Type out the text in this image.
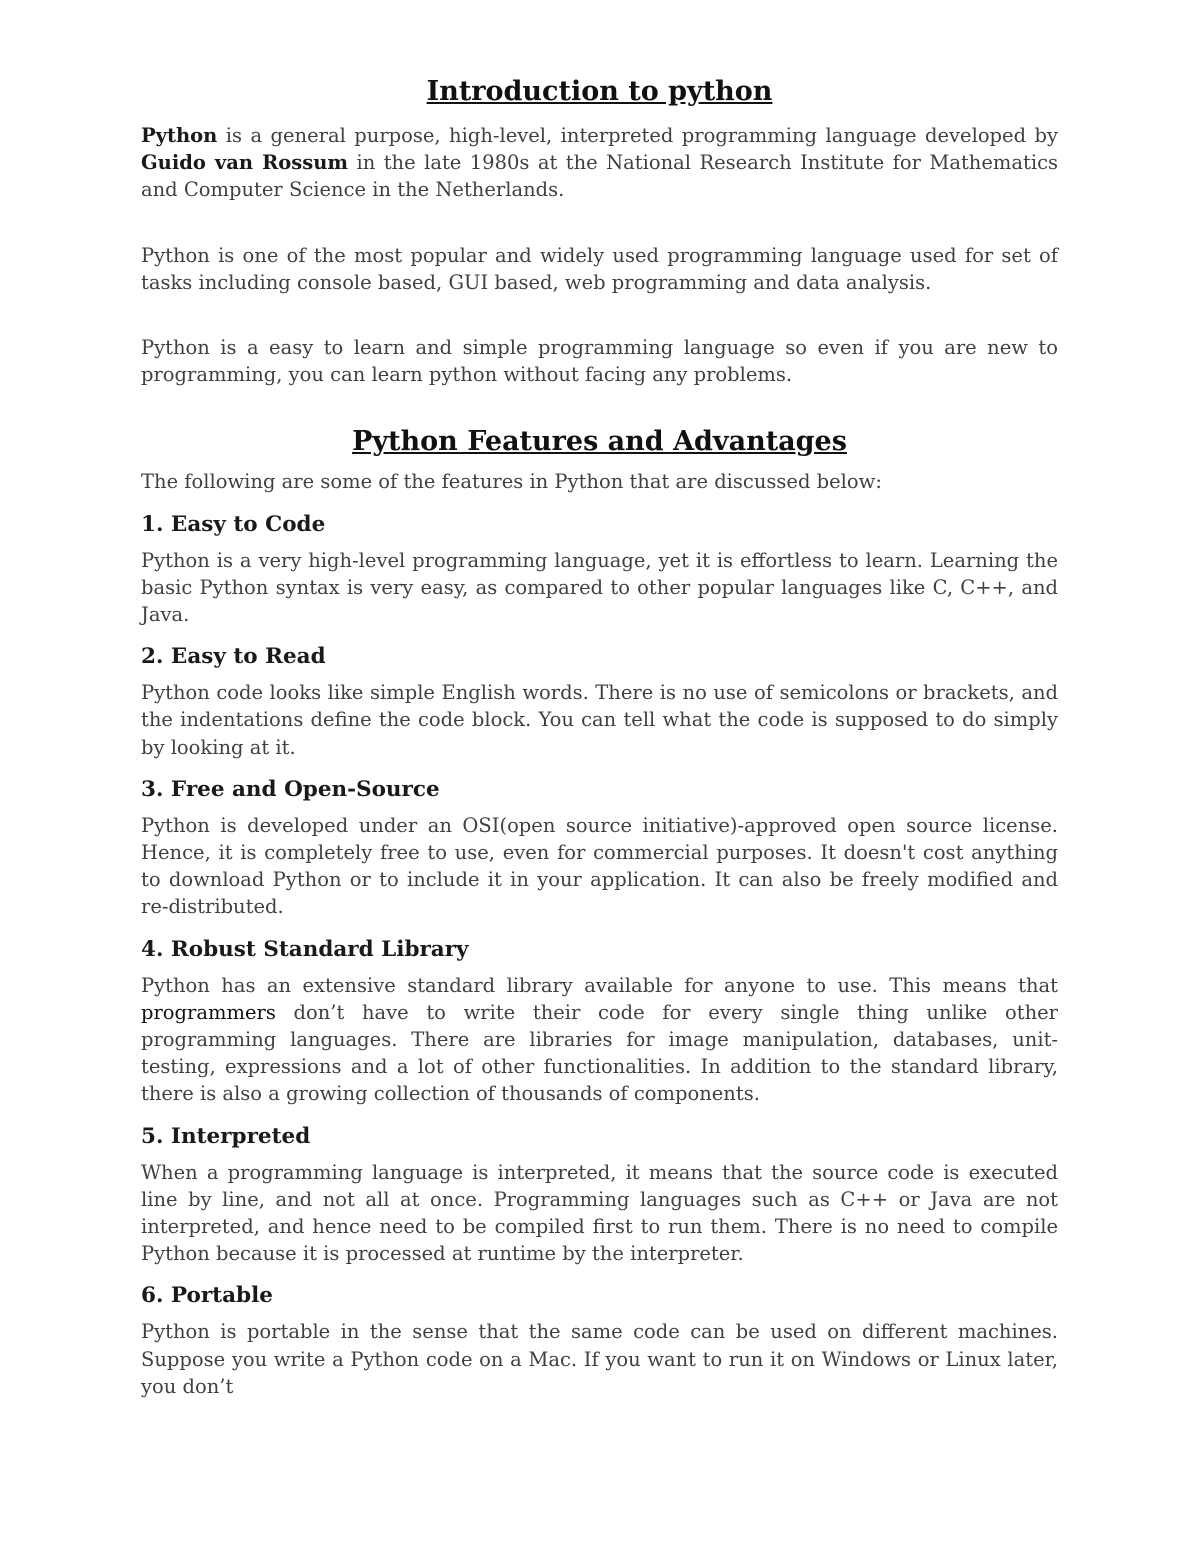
Introduction to python

Python is a general purpose, high-level, interpreted programming language developed by Guido van Rossum in the late 1980s at the National Research Institute for Mathematics and Computer Science in the Netherlands.

Python is one of the most popular and widely used programming language used for set of tasks including console based, GUI based, web programming and data analysis.

Python is a easy to learn and simple programming language so even if you are new to programming, you can learn python without facing any problems.

Python Features and Advantages

The following are some of the features in Python that are discussed below:

1. Easy to Code

Python is a very high-level programming language, yet it is effortless to learn. Learning the basic Python syntax is very easy, as compared to other popular languages like C, C++, and Java.

2. Easy to Read

Python code looks like simple English words. There is no use of semicolons or brackets, and the indentations define the code block. You can tell what the code is supposed to do simply by looking at it.

3. Free and Open-Source

Python is developed under an OSI(open source initiative)-approved open source license. Hence, it is completely free to use, even for commercial purposes. It doesn't cost anything to download Python or to include it in your application. It can also be freely modified and re-distributed.

4. Robust Standard Library

Python has an extensive standard library available for anyone to use. This means that programmers don’t have to write their code for every single thing unlike other programming languages. There are libraries for image manipulation, databases, unit-testing, expressions and a lot of other functionalities. In addition to the standard library, there is also a growing collection of thousands of components.

5. Interpreted

When a programming language is interpreted, it means that the source code is executed line by line, and not all at once. Programming languages such as C++ or Java are not interpreted, and hence need to be compiled first to run them. There is no need to compile Python because it is processed at runtime by the interpreter.

6. Portable

Python is portable in the sense that the same code can be used on different machines. Suppose you write a Python code on a Mac. If you want to run it on Windows or Linux later, you don’t
